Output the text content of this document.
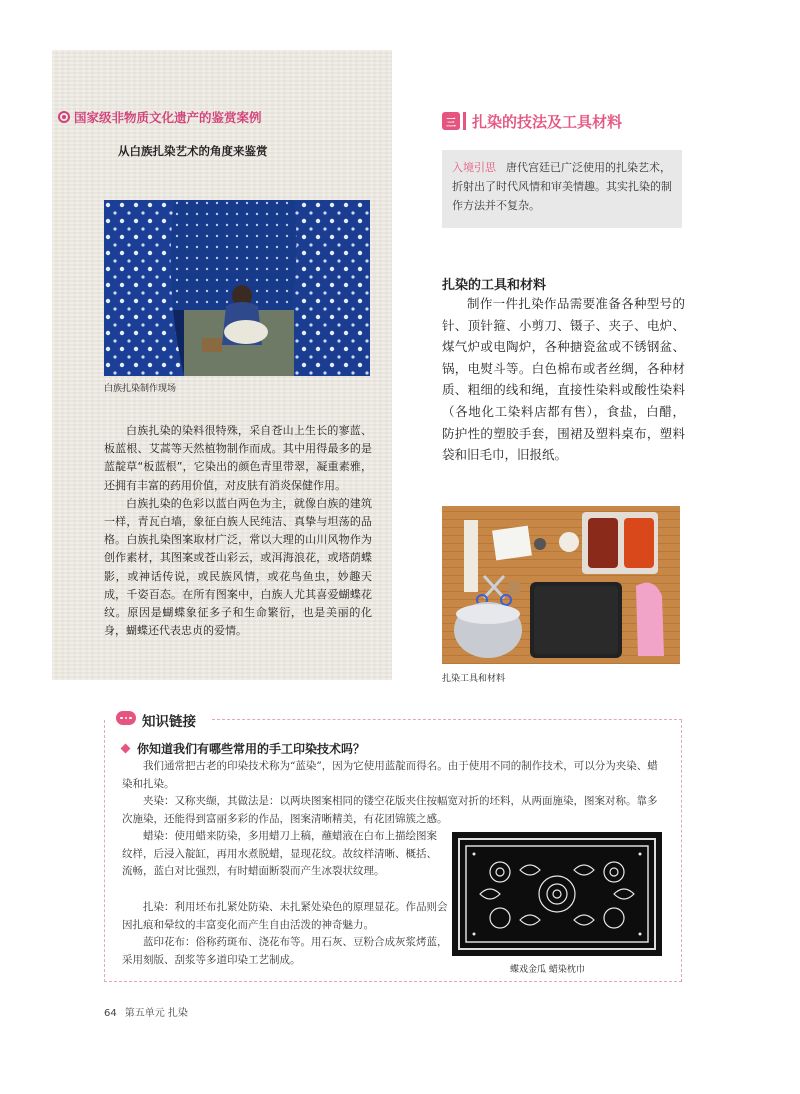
国家级非物质文化遗产的鉴赏案例
从白族扎染艺术的角度来鉴赏
白族扎染制作现场

白族扎染的染料很特殊，采自苍山上生长的寥蓝、板蓝根、艾蒿等天然植物制作而成。其中用得最多的是蓝靛草“板蓝根”，它染出的颜色青里带翠，凝重素雅，还拥有丰富的药用价值，对皮肤有消炎保健作用。

白族扎染的色彩以蓝白两色为主，就像白族的建筑一样，青瓦白墙，象征白族人民纯洁、真挚与坦荡的品格。白族扎染图案取材广泛，常以大理的山川风物作为创作素材，其图案或苍山彩云，或洱海浪花，或塔荫蝶影，或神话传说，或民族风情，或花鸟鱼虫，妙趣天成，千姿百态。在所有图案中，白族人尤其喜爱蝴蝶花纹。原因是蝴蝶象征多子和生命繁衍，也是美丽的化身，蝴蝶还代表忠贞的爱情。

三 扎染的技法及工具材料
入境引思 唐代宫廷已广泛使用的扎染艺术，折射出了时代风情和审美情趣。其实扎染的制作方法并不复杂。
扎染的工具和材料
制作一件扎染作品需要准备各种型号的针、顶针箍、小剪刀、镊子、夹子、电炉、煤气炉或电陶炉，各种搪瓷盆或不锈钢盆、锅，电熨斗等。白色棉布或者丝绸，各种材质、粗细的线和绳，直接性染料或酸性染料（各地化工染料店都有售），食盐，白醋，防护性的塑胶手套，围裙及塑料桌布，塑料袋和旧毛巾，旧报纸。
扎染工具和材料
知识链接
你知道我们有哪些常用的手工印染技术吗？

我们通常把古老的印染技术称为“蓝染”，因为它使用蓝靛而得名。由于使用不同的制作技术，可以分为夹染、蜡染和扎染。

夹染：又称夹缬，其做法是：以两块图案相同的镂空花版夹住按幅宽对折的坯料，从两面施染，图案对称。靠多次施染，还能得到富丽多彩的作品，图案清晰精美，有花团锦簇之感。

蜡染：使用蜡来防染，多用蜡刀上稿，蘸蜡液在白布上描绘图案纹样，后浸入靛缸，再用水煮脱蜡，显现花纹。故纹样清晰、概括、流畅，蓝白对比强烈，有时蜡面断裂而产生冰裂状纹理。

扎染：利用坯布扎紧处防染、未扎紧处染色的原理显花。作品则会因扎痕和晕纹的丰富变化而产生自由活泼的神奇魅力。

蓝印花布：俗称药斑布、浇花布等。用石灰、豆粉合成灰浆烤蓝，采用刻版、刮浆等多道印染工艺制成。

蝶戏金瓜 蜡染枕巾
64 第五单元 扎染
